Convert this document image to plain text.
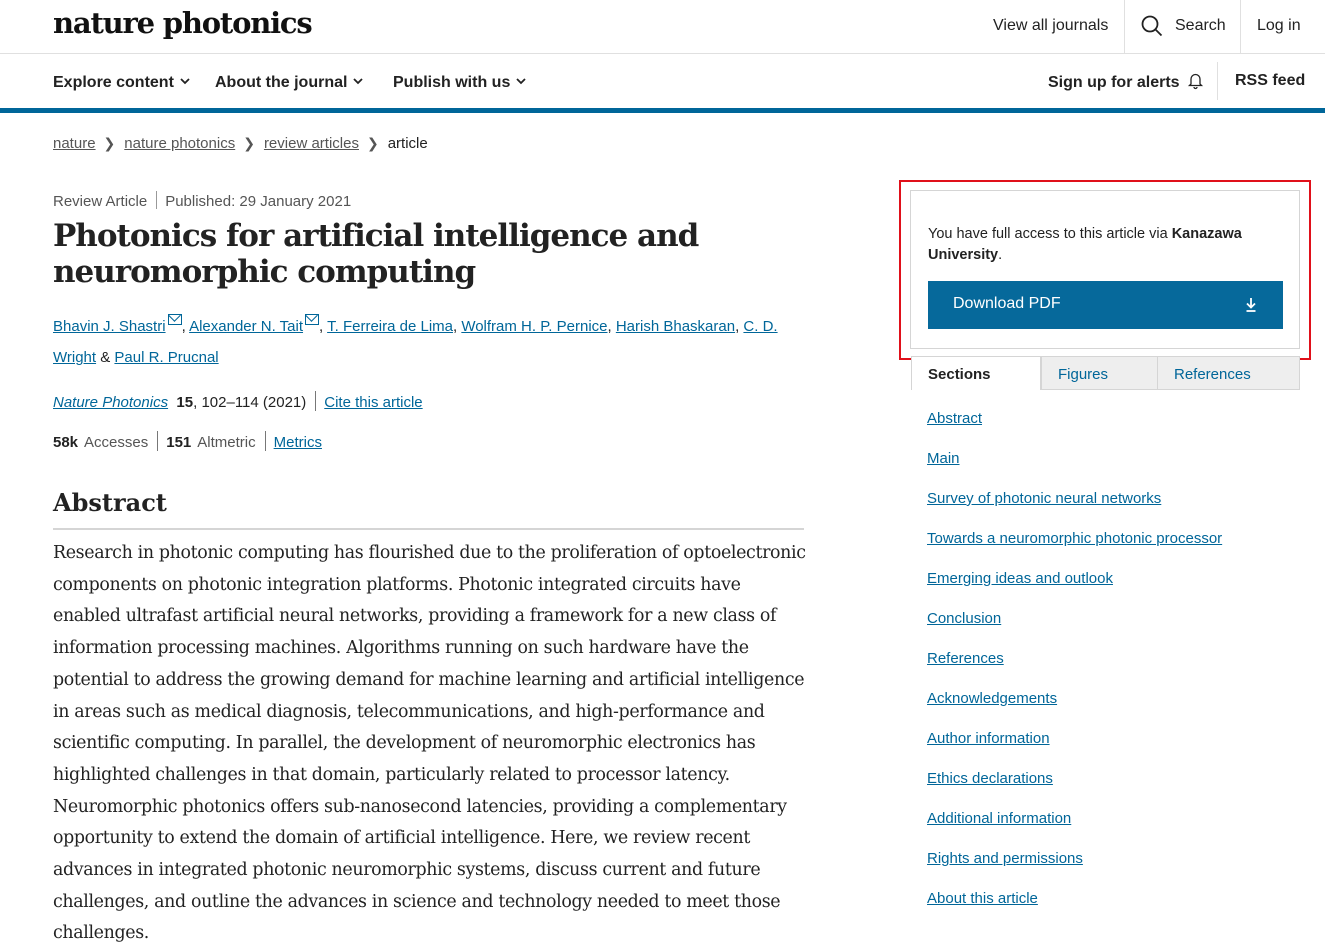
nature photonics	View all journals	Search Log in
Explore content	About the journal	Publish with us	Sign up for alerts	RSS feed
nature ❯ nature photonics ❯ review articles ❯ article
Review Article Published: 29 January 2021
Photonics for artificial intelligence and neuromorphic computing
Bhavin J. Shastri , Alexander N. Tait , T. Ferreira de Lima, Wolfram H. P. Pernice, Harish Bhaskaran, C. D. Wright & Paul R. Prucnal
Nature Photonics 15, 102–114 (2021) Cite this article
58k Accesses 151 Altmetric Metrics
Abstract

Research in photonic computing has flourished due to the proliferation of optoelectronic components on photonic integration platforms. Photonic integrated circuits have enabled ultrafast artificial neural networks, providing a framework for a new class of information processing machines. Algorithms running on such hardware have the potential to address the growing demand for machine learning and artificial intelligence in areas such as medical diagnosis, telecommunications, and high-performance and scientific computing. In parallel, the development of neuromorphic electronics has highlighted challenges in that domain, particularly related to processor latency. Neuromorphic photonics offers sub-nanosecond latencies, providing a complementary opportunity to extend the domain of artificial intelligence. Here, we review recent advances in integrated photonic neuromorphic systems, discuss current and future challenges, and outline the advances in science and technology needed to meet those challenges.

You have full access to this article via Kanazawa University.
Download PDF
Sections	Figures	References
Abstract
Main
Survey of photonic neural networks
Towards a neuromorphic photonic processor
Emerging ideas and outlook
Conclusion
References
Acknowledgements
Author information
Ethics declarations
Additional information
Rights and permissions
About this article
